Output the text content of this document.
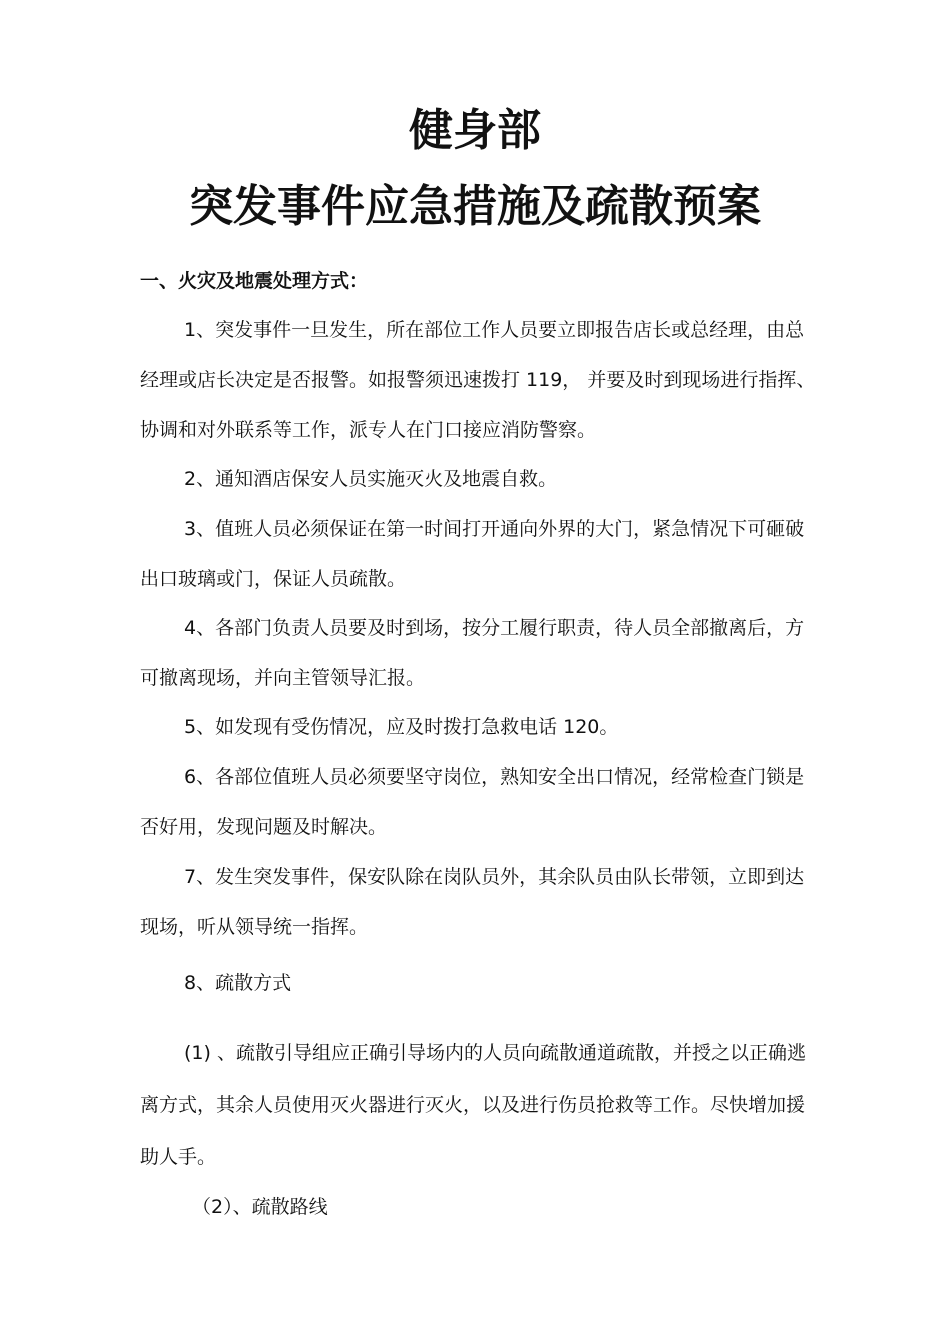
健身部
突发事件应急措施及疏散预案
一、火灾及地震处理方式：

1、突发事件一旦发生，所在部位工作人员要立即报告店长或总经理，由总经理或店长决定是否报警。如报警须迅速拨打 119， 并要及时到现场进行指挥、协调和对外联系等工作，派专人在门口接应消防警察。

2、通知酒店保安人员实施灭火及地震自救。

3、值班人员必须保证在第一时间打开通向外界的大门，紧急情况下可砸破出口玻璃或门，保证人员疏散。

4、各部门负责人员要及时到场，按分工履行职责，待人员全部撤离后，方可撤离现场，并向主管领导汇报。

5、如发现有受伤情况，应及时拨打急救电话 120。

6、各部位值班人员必须要坚守岗位，熟知安全出口情况，经常检查门锁是否好用，发现问题及时解决。

7、发生突发事件，保安队除在岗队员外，其余队员由队长带领，立即到达现场，听从领导统一指挥。

8、疏散方式

(1) 、疏散引导组应正确引导场内的人员向疏散通道疏散，并授之以正确逃离方式，其余人员使用灭火器进行灭火，以及进行伤员抢救等工作。尽快增加援助人手。

（2）、疏散路线
